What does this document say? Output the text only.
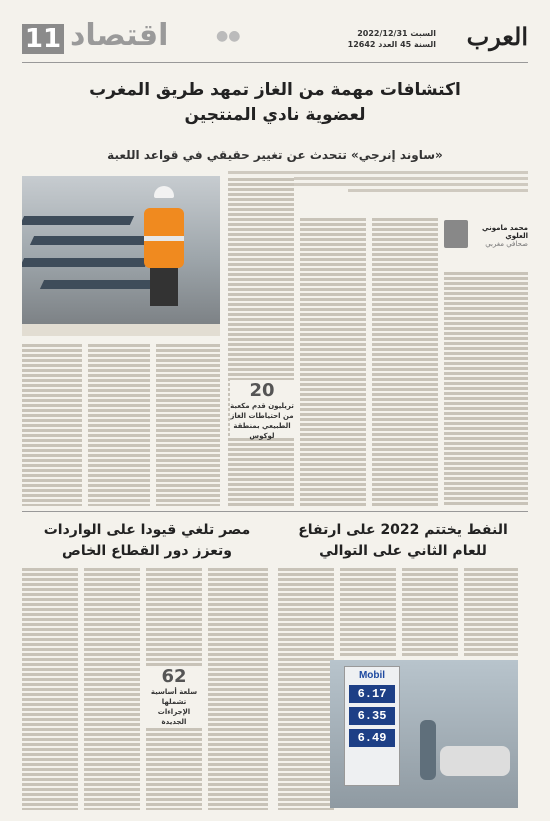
11 اقتصاد	●●	السبت 2022/12/31
السنة 45 العدد 12642 العرب
اكتشافات مهمة من الغاز تمهد طريق المغرب
لعضوية نادي المنتجين
«ساوند إنرجي» تتحدث عن تغيير حقيقي في قواعد اللعبة
محمد ماموني العلوي
صحافي مغربي
20
تريليون قدم مكعبة من احتياطات الغاز الطبيعي بمنطقة لوكوس
مصر تلغي قيودا على الواردات
وتعزز دور القطاع الخاص
62
سلعة أساسية تشملها الإجراءات الجديدة
النفط يختتم 2022 على ارتفاع
للعام الثاني على التوالي
Mobil
6.17
6.35
6.49
